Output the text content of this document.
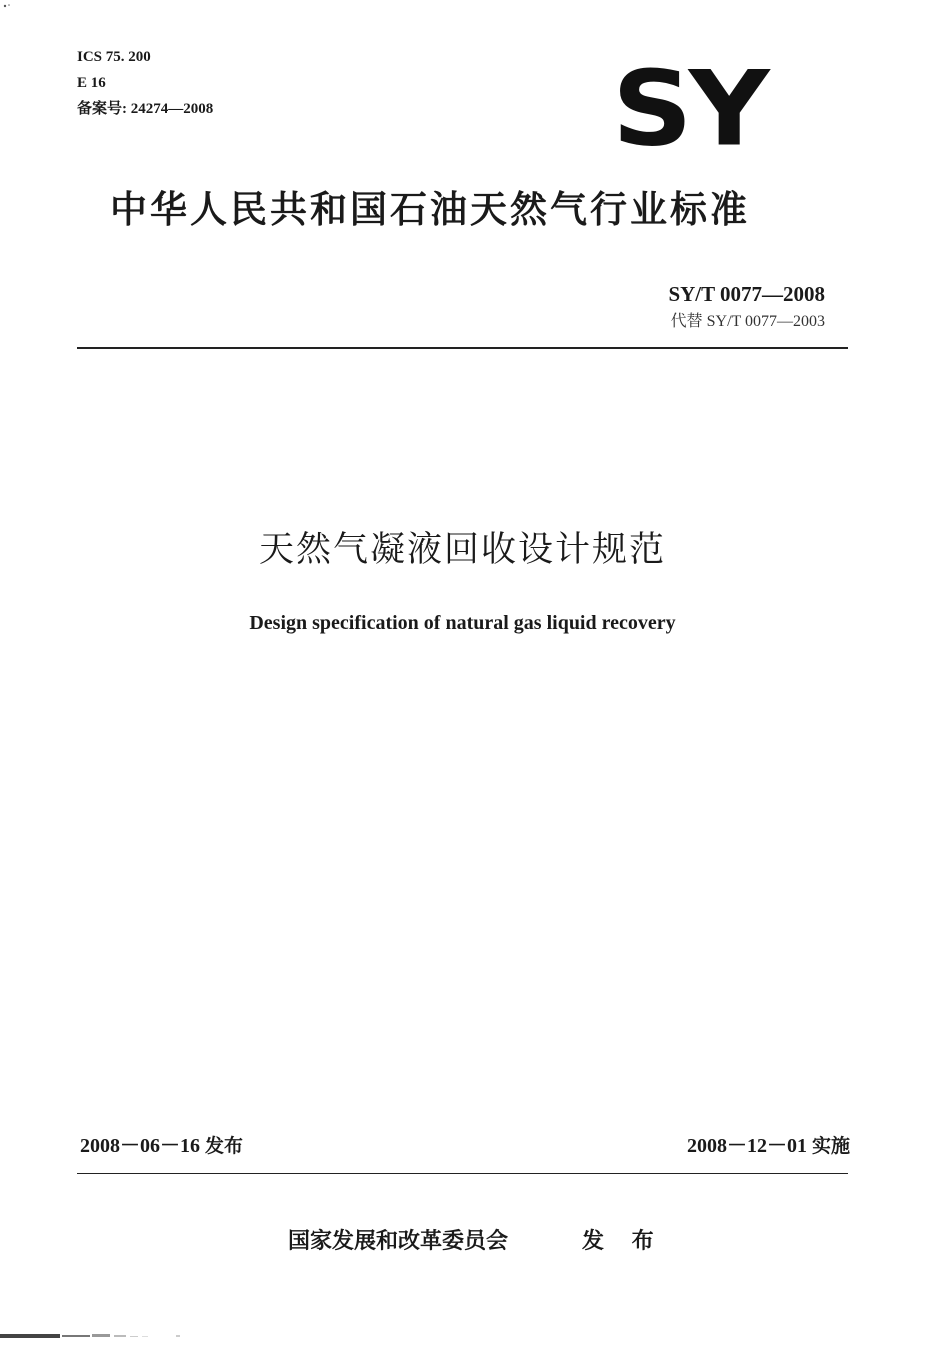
ICS 75. 200
E 16
备案号: 24274—2008	SY
中华人民共和国石油天然气行业标准
SY/T 0077—2008
代替 SY/T 0077—2003
天然气凝液回收设计规范
Design specification of natural gas liquid recovery
2008－06－16 发布	2008－12－01 实施
国家发展和改革委员会	发 布
